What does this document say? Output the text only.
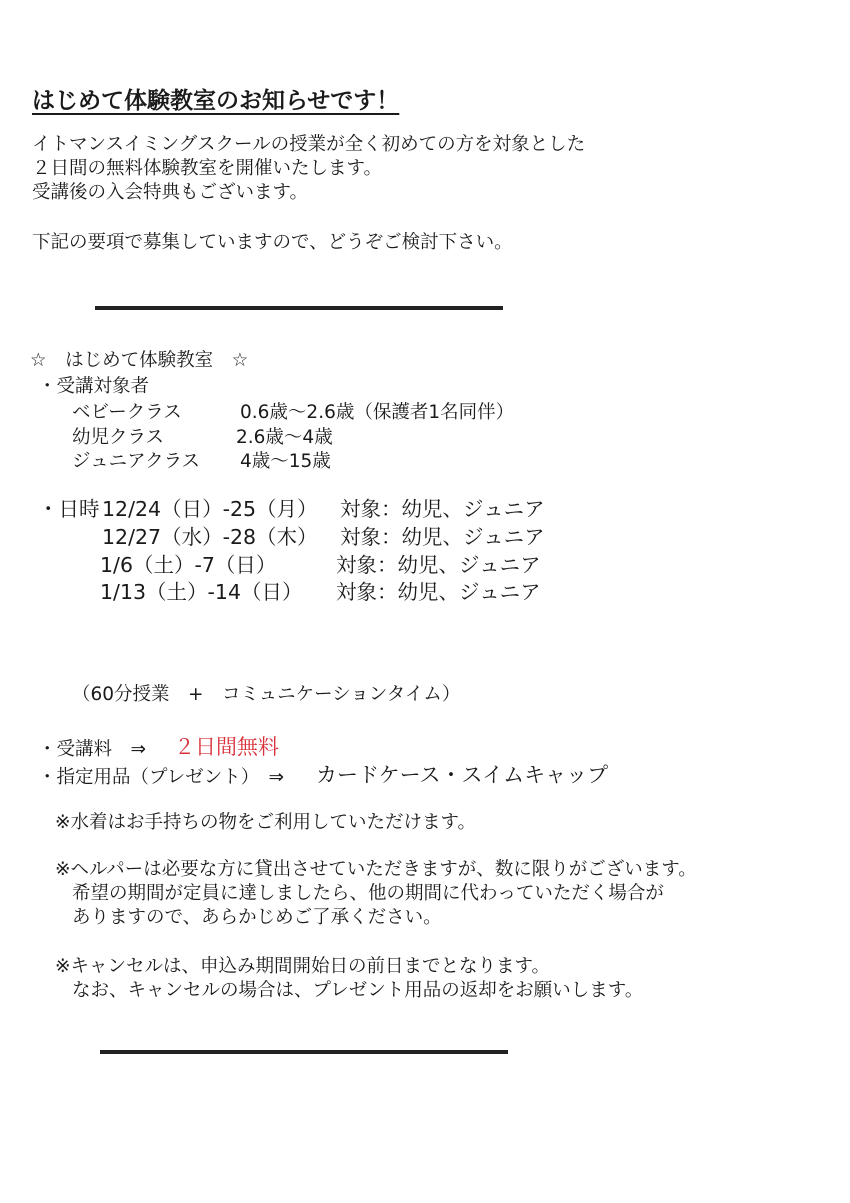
はじめて体験教室のお知らせです！
イトマンスイミングスクールの授業が全く初めての方を対象とした
２日間の無料体験教室を開催いたします。
受講後の入会特典もございます。
下記の要項で募集していますので、どうぞご検討下さい。
☆　はじめて体験教室　☆
・受講対象者
ベビークラス	0.6歳～2.6歳（保護者1名同伴）
幼児クラス	2.6歳～4歳
ジュニアクラス 4歳～15歳
・日時 12/24（日）-25（月） 対象：幼児、ジュニア
12/27（水）-28（木） 対象：幼児、ジュニア
1/6（土）-7（日）	対象：幼児、ジュニア
1/13（土）-14（日） 対象：幼児、ジュニア
（60分授業　+　コミュニケーションタイム）
・受講料　⇒ ２日間無料
・指定用品（プレゼント）　⇒ カードケース・スイムキャップ
※水着はお手持ちの物をご利用していただけます。
※ヘルパーは必要な方に貸出させていただきますが、数に限りがございます。
希望の期間が定員に達しましたら、他の期間に代わっていただく場合が
ありますので、あらかじめご了承ください。
※キャンセルは、申込み期間開始日の前日までとなります。
なお、キャンセルの場合は、プレゼント用品の返却をお願いします。
